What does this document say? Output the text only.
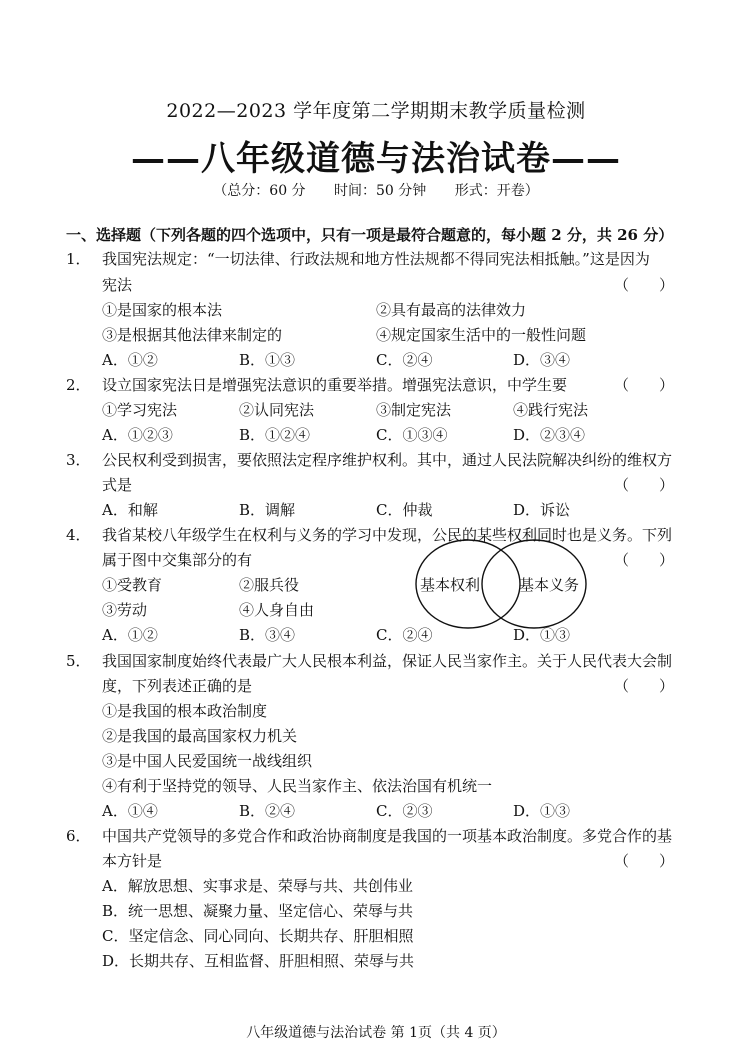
2022—2023 学年度第二学期期末教学质量检测
——八年级道德与法治试卷——
（总分：60 分 时间：50 分钟 形式：开卷）
一、选择题（下列各题的四个选项中，只有一项是最符合题意的，每小题 2 分，共 26 分）
1． 我国宪法规定：“一切法律、行政法规和地方性法规都不得同宪法相抵触。”这是因为
宪法	（　　）
①是国家的根本法	②具有最高的法律效力
③是根据其他法律来制定的	④规定国家生活中的一般性问题
A．①②	B．①③	C．②④	D．③④
2． 设立国家宪法日是增强宪法意识的重要举措。增强宪法意识，中学生要	（　　）
①学习宪法	②认同宪法	③制定宪法	④践行宪法
A．①②③	B．①②④	C．①③④	D．②③④
3． 公民权利受到损害，要依照法定程序维护权利。其中，通过人民法院解决纠纷的维权方
式是	（　　）
A．和解	B．调解	C．仲裁	D．诉讼
4． 我省某校八年级学生在权利与义务的学习中发现，公民的某些权利同时也是义务。下列
属于图中交集部分的有	（　　）
①受教育	②服兵役
③劳动	④人身自由
基本权利	基本义务
A．①②	B．③④	C．②④	D．①③
5． 我国国家制度始终代表最广大人民根本利益，保证人民当家作主。关于人民代表大会制
度，下列表述正确的是	（　　）
①是我国的根本政治制度
②是我国的最高国家权力机关
③是中国人民爱国统一战线组织
④有利于坚持党的领导、人民当家作主、依法治国有机统一
A．①④	B．②④	C．②③	D．①③
6． 中国共产党领导的多党合作和政治协商制度是我国的一项基本政治制度。多党合作的基
本方针是	（　　）
A．解放思想、实事求是、荣辱与共、共创伟业
B．统一思想、凝聚力量、坚定信心、荣辱与共
C．坚定信念、同心同向、长期共存、肝胆相照
D．长期共存、互相监督、肝胆相照、荣辱与共
八年级道德与法治试卷 第 1页（共 4 页）
